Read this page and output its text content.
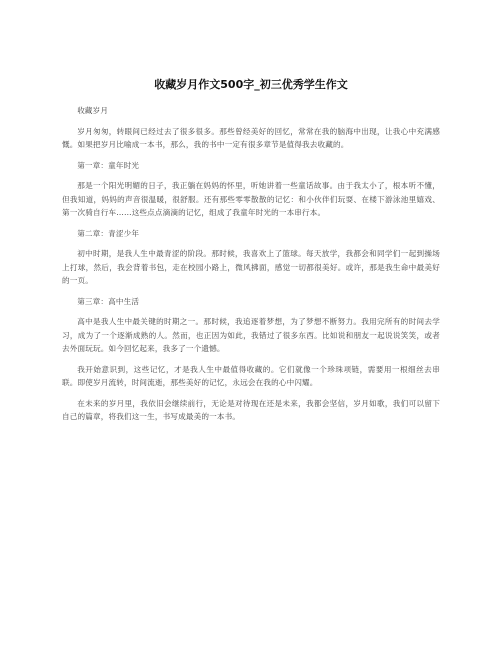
收藏岁月作文500字_初三优秀学生作文

收藏岁月

岁月匆匆，转眼间已经过去了很多很多。那些曾经美好的回忆，常常在我的脑海中出现，让我心中充满感慨。如果把岁月比喻成一本书，那么，我的书中一定有很多章节是值得我去收藏的。

第一章：童年时光

那是一个阳光明媚的日子，我正躺在妈妈的怀里，听她讲着一些童话故事。由于我太小了，根本听不懂，但我知道，妈妈的声音很温暖，很舒服。还有那些零零散散的记忆：和小伙伴们玩耍、在楼下游泳池里嬉戏、第一次骑自行车……这些点点滴滴的记忆，组成了我童年时光的一本串行本。

第二章：青涩少年

初中时期，是我人生中最青涩的阶段。那时候，我喜欢上了篮球。每天放学，我都会和同学们一起到操场上打球，然后，我会背着书包，走在校园小路上，微风拂面，感觉一切都很美好。或许，那是我生命中最美好的一页。

第三章：高中生活

高中是我人生中最关键的时期之一。那时候，我追逐着梦想，为了梦想不断努力。我用完所有的时间去学习，成为了一个逐渐成熟的人。然而，也正因为如此，我错过了很多东西。比如说和朋友一起说说笑笑，或者去外面玩玩。如今回忆起来，我多了一个遗憾。

我开始意识到，这些记忆，才是我人生中最值得收藏的。它们就像一个珍珠项链，需要用一根细丝去串联。即使岁月流转，时间流逝，那些美好的记忆，永远会在我的心中闪耀。

在未来的岁月里，我依旧会继续前行，无论是对待现在还是未来，我都会坚信，岁月如歌，我们可以留下自己的篇章，将我们这一生，书写成最美的一本书。
